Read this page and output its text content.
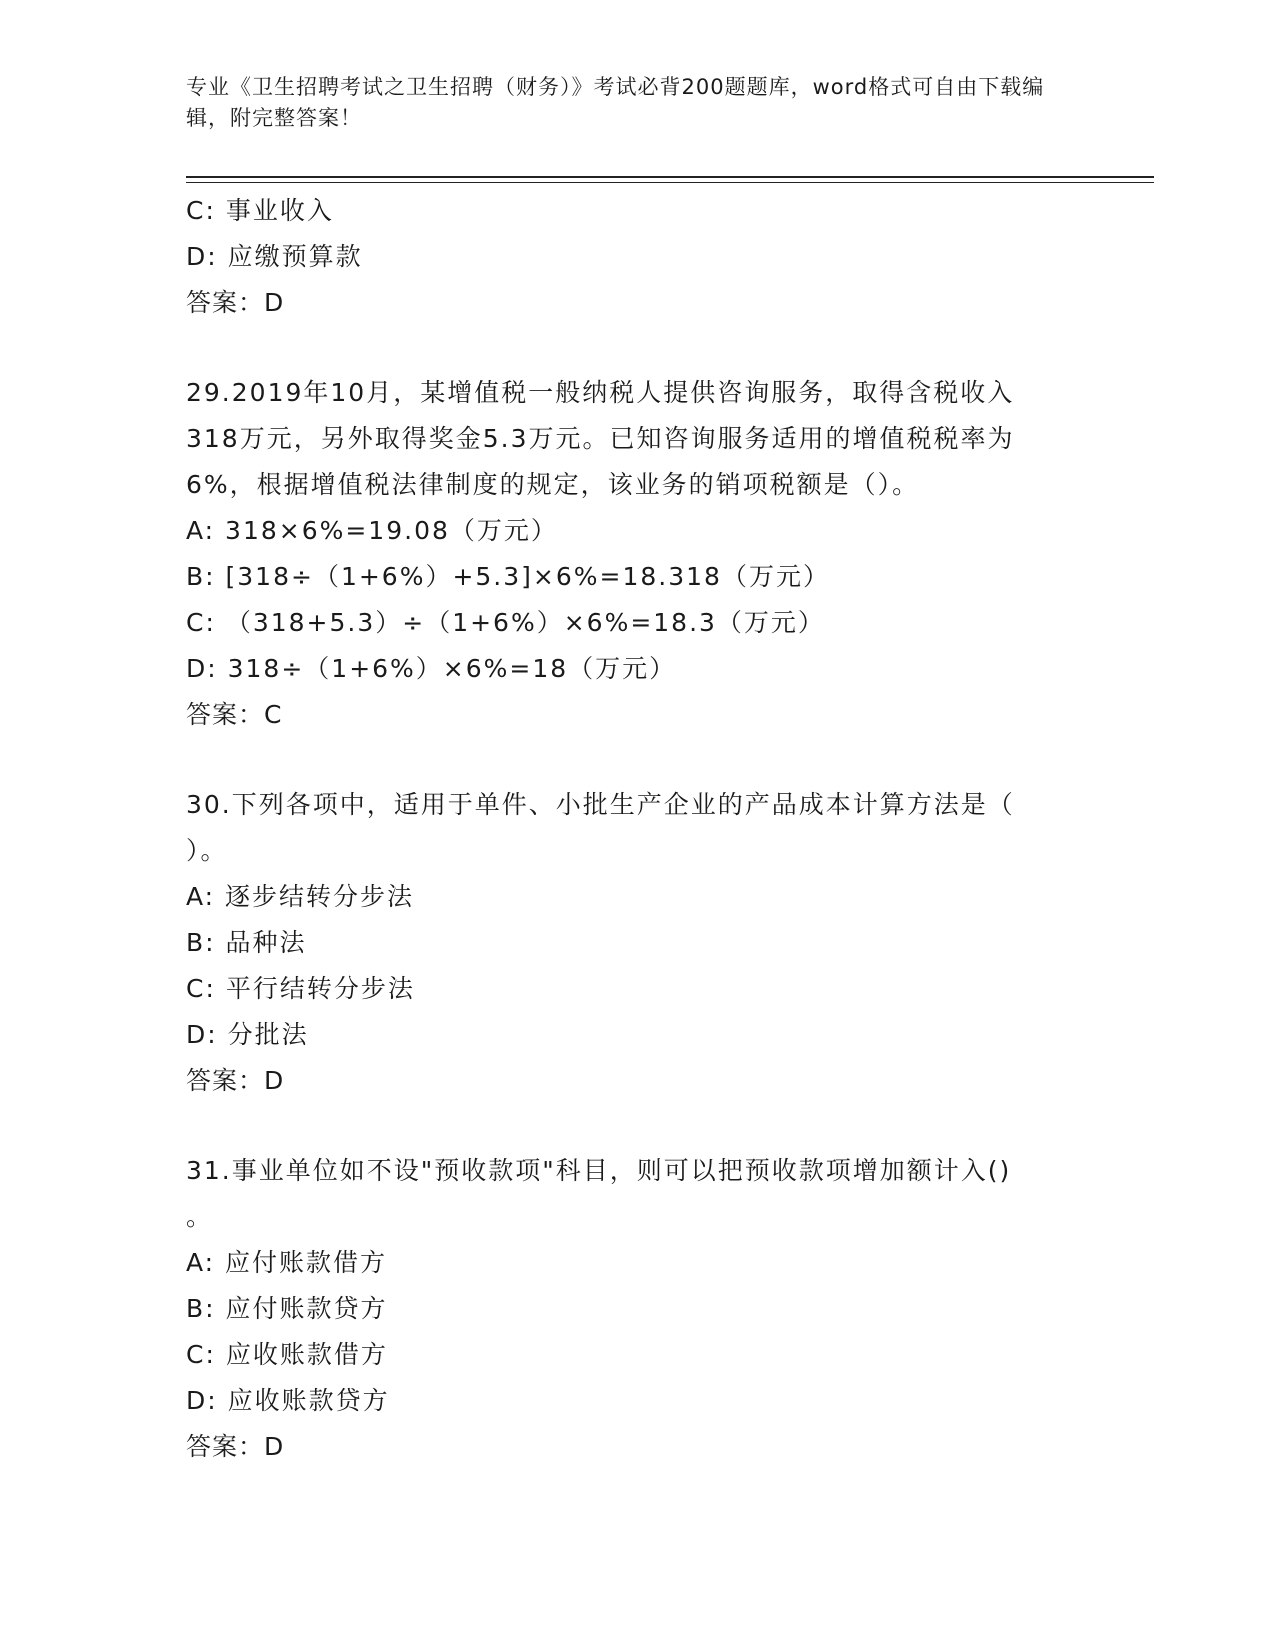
专业《卫生招聘考试之卫生招聘（财务）》考试必背200题题库，word格式可自由下载编辑，附完整答案！
C: 事业收入
D: 应缴预算款
答案：D
29.2019年10月，某增值税一般纳税人提供咨询服务，取得含税收入
318万元，另外取得奖金5.3万元。已知咨询服务适用的增值税税率为
6%，根据增值税法律制度的规定，该业务的销项税额是（）。
A: 318×6%=19.08（万元）
B: [318÷（1+6%）+5.3]×6%=18.318（万元）
C: （318+5.3）÷（1+6%）×6%=18.3（万元）
D: 318÷（1+6%）×6%=18（万元）
答案：C
30.下列各项中，适用于单件、小批生产企业的产品成本计算方法是（
）。
A: 逐步结转分步法
B: 品种法
C: 平行结转分步法
D: 分批法
答案：D
31.事业单位如不设"预收款项"科目，则可以把预收款项增加额计入()
。
A: 应付账款借方
B: 应付账款贷方
C: 应收账款借方
D: 应收账款贷方
答案：D
